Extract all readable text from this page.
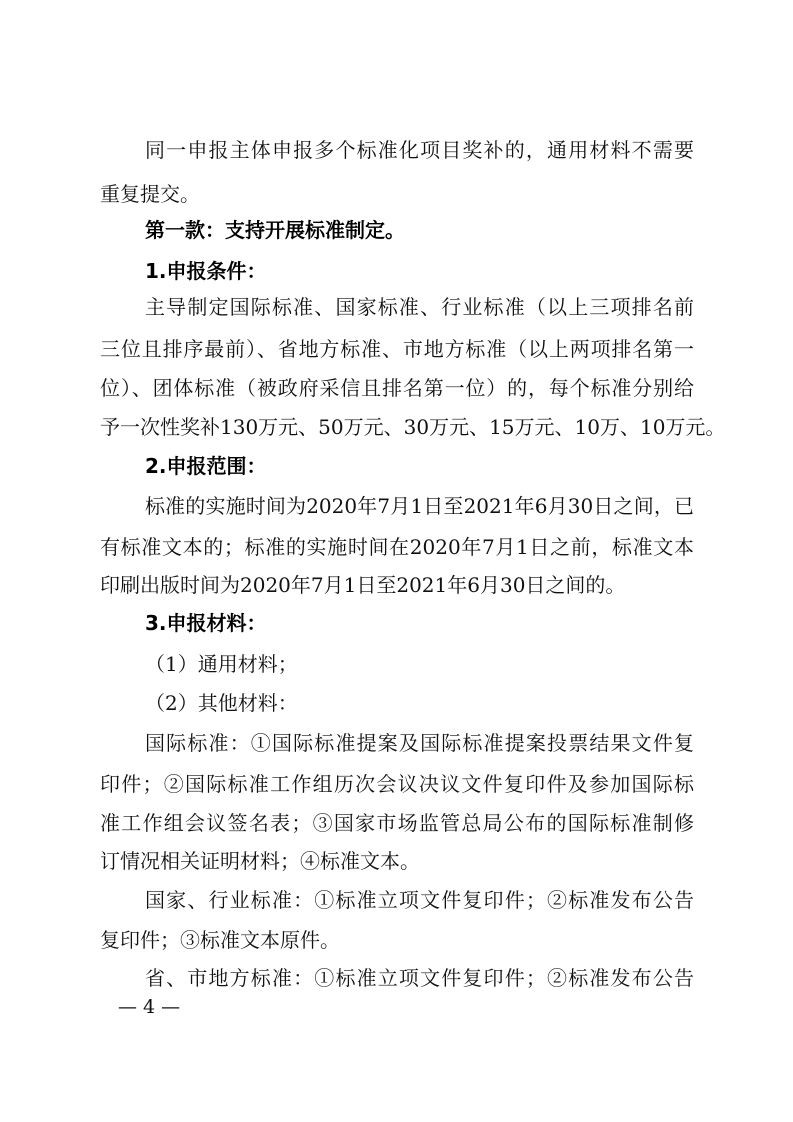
同一申报主体申报多个标准化项目奖补的，通用材料不需要
重复提交。
第一款：支持开展标准制定。
1.申报条件：
主导制定国际标准、国家标准、行业标准（以上三项排名前
三位且排序最前）、省地方标准、市地方标准（以上两项排名第一
位）、团体标准（被政府采信且排名第一位）的，每个标准分别给
予一次性奖补130万元、50万元、30万元、15万元、10万、10万元。
2.申报范围：
标准的实施时间为2020年7月1日至2021年6月30日之间，已
有标准文本的；标准的实施时间在2020年7月1日之前，标准文本
印刷出版时间为2020年7月1日至2021年6月30日之间的。
3.申报材料：
（1）通用材料；
（2）其他材料：
国际标准：①国际标准提案及国际标准提案投票结果文件复
印件；②国际标准工作组历次会议决议文件复印件及参加国际标
准工作组会议签名表；③国家市场监管总局公布的国际标准制修
订情况相关证明材料；④标准文本。
国家、行业标准：①标准立项文件复印件；②标准发布公告
复印件；③标准文本原件。
省、市地方标准：①标准立项文件复印件；②标准发布公告
— 4 —
